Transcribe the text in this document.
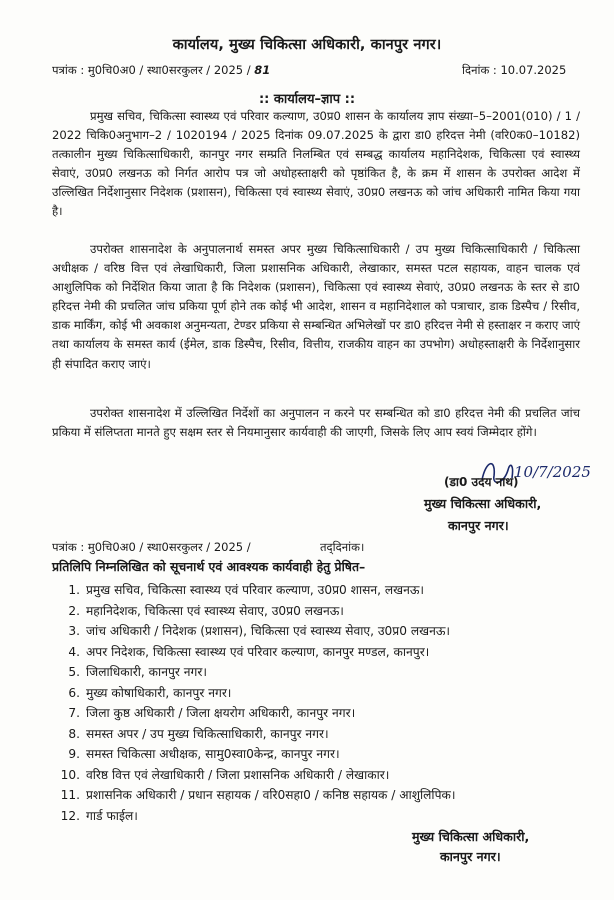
कार्यालय, मुख्य चिकित्सा अधिकारी, कानपुर नगर।
पत्रांक : मु0चि0अ0 / स्था0सरकुलर / 2025 / 81	दिनांक : 10.07.2025
:: कार्यालय–ज्ञाप ::

प्रमुख सचिव, चिकित्सा स्वास्थ्य एवं परिवार कल्याण, उ0प्र0 शासन के कार्यालय ज्ञाप संख्या–5–2001(010) / 1 / 2022 चिकि0अनुभाग–2 / 1020194 / 2025 दिनांक 09.07.2025 के द्वारा डा0 हरिदत्त नेमी (वरि0क0–10182) तत्कालीन मुख्य चिकित्साधिकारी, कानपुर नगर सम्प्रति निलम्बित एवं सम्बद्ध कार्यालय महानिदेशक, चिकित्सा एवं स्वास्थ्य सेवाएं, उ0प्र0 लखनऊ को निर्गत आरोप पत्र जो अधोहस्ताक्षरी को पृष्ठांकित है, के क्रम में शासन के उपरोक्त आदेश में उल्लिखित निर्देशानुसार निदेशक (प्रशासन), चिकित्सा एवं स्वास्थ्य सेवाएं, उ0प्र0 लखनऊ को जांच अधिकारी नामित किया गया है।

उपरोक्त शासनादेश के अनुपालनार्थ समस्त अपर मुख्य चिकित्साधिकारी / उप मुख्य चिकित्साधिकारी / चिकित्सा अधीक्षक / वरिष्ठ वित्त एवं लेखाधिकारी, जिला प्रशासनिक अधिकारी, लेखाकार, समस्त पटल सहायक, वाहन चालक एवं आशुलिपिक को निर्देशित किया जाता है कि निदेशक (प्रशासन), चिकित्सा एवं स्वास्थ्य सेवाएं, उ0प्र0 लखनऊ के स्तर से डा0 हरिदत्त नेमी की प्रचलित जांच प्रकिया पूर्ण होने तक कोई भी आदेश, शासन व महानिदेशाल को पत्राचार, डाक डिस्पैच / रिसीव, डाक मार्किंग, कोई भी अवकाश अनुमन्यता, टेण्डर प्रकिया से सम्बन्धित अभिलेखों पर डा0 हरिदत्त नेमी से हस्ताक्षर न कराए जाएं तथा कार्यालय के समस्त कार्य (ईमेल, डाक डिस्पैच, रिसीव, वित्तीय, राजकीय वाहन का उपभोग) अधोहस्ताक्षरी के निर्देशानुसार ही संपादित कराए जाएं।

उपरोक्त शासनादेश में उल्लिखित निर्देशों का अनुपालन न करने पर सम्बन्धित को डा0 हरिदत्त नेमी की प्रचलित जांच प्रकिया में संलिप्तता मानते हुए सक्षम स्तर से नियमानुसार कार्यवाही की जाएगी, जिसके लिए आप स्वयं जिम्मेदार होंगे।

10/7/2025
(डा0 उदय नाथ)
मुख्य चिकित्सा अधिकारी,
कानपुर नगर।
पत्रांक : मु0चि0अ0 / स्था0सरकुलर / 2025 /	तद्‌दिनांक।
प्रतिलिपि निम्नलिखित को सूचनार्थ एवं आवश्यक कार्यवाही हेतु प्रेषित–
1. प्रमुख सचिव, चिकित्सा स्वास्थ्य एवं परिवार कल्याण, उ0प्र0 शासन, लखनऊ।
2. महानिदेशक, चिकित्सा एवं स्वास्थ्य सेवाए, उ0प्र0 लखनऊ।
3. जांच अधिकारी / निदेशक (प्रशासन), चिकित्सा एवं स्वास्थ्य सेवाए, उ0प्र0 लखनऊ।
4. अपर निदेशक, चिकित्सा स्वास्थ्य एवं परिवार कल्याण, कानपुर मण्डल, कानपुर।
5. जिलाधिकारी, कानपुर नगर।
6. मुख्य कोषाधिकारी, कानपुर नगर।
7. जिला कुष्ठ अधिकारी / जिला क्षयरोग अधिकारी, कानपुर नगर।
8. समस्त अपर / उप मुख्य चिकित्साधिकारी, कानपुर नगर।
9. समस्त चिकित्सा अधीक्षक, सामु0स्वा0केन्द्र, कानपुर नगर।
10. वरिष्ठ वित्त एवं लेखाधिकारी / जिला प्रशासनिक अधिकारी / लेखाकार।
11. प्रशासनिक अधिकारी / प्रधान सहायक / वरि0सहा0 / कनिष्ठ सहायक / आशुलिपिक।
12. गार्ड फाईल।
मुख्य चिकित्सा अधिकारी,
कानपुर नगर।
